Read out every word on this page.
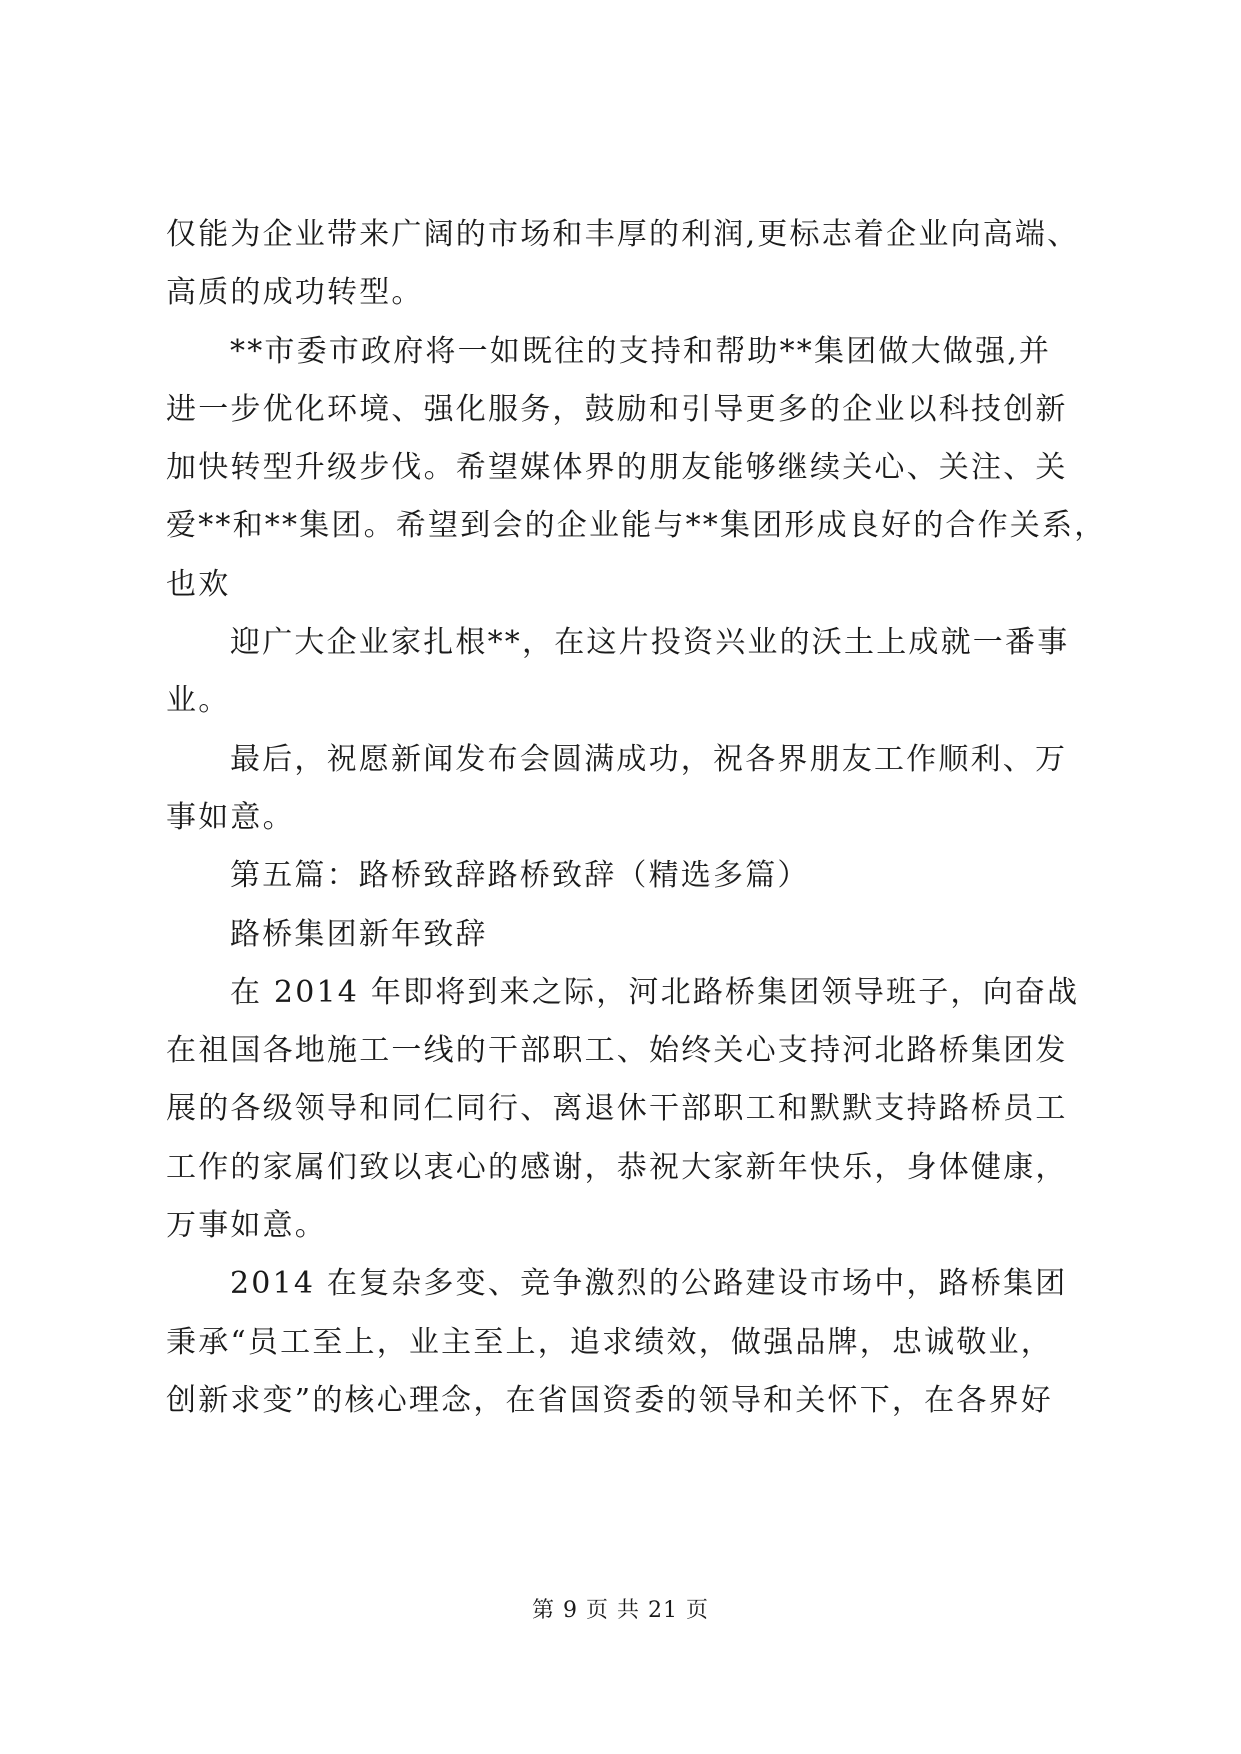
仅能为企业带来广阔的市场和丰厚的利润,更标志着企业向高端、
高质的成功转型。
**市委市政府将一如既往的支持和帮助**集团做大做强,并
进一步优化环境、强化服务，鼓励和引导更多的企业以科技创新
加快转型升级步伐。希望媒体界的朋友能够继续关心、关注、关
爱**和**集团。希望到会的企业能与**集团形成良好的合作关系，
也欢
迎广大企业家扎根**，在这片投资兴业的沃土上成就一番事
业。
最后，祝愿新闻发布会圆满成功，祝各界朋友工作顺利、万
事如意。
第五篇：路桥致辞路桥致辞（精选多篇）
路桥集团新年致辞
在 2014 年即将到来之际，河北路桥集团领导班子，向奋战
在祖国各地施工一线的干部职工、始终关心支持河北路桥集团发
展的各级领导和同仁同行、离退休干部职工和默默支持路桥员工
工作的家属们致以衷心的感谢，恭祝大家新年快乐，身体健康，
万事如意。
2014 在复杂多变、竞争激烈的公路建设市场中，路桥集团
秉承“员工至上，业主至上，追求绩效，做强品牌，忠诚敬业，
创新求变”的核心理念，在省国资委的领导和关怀下，在各界好
第 9 页 共 21 页
